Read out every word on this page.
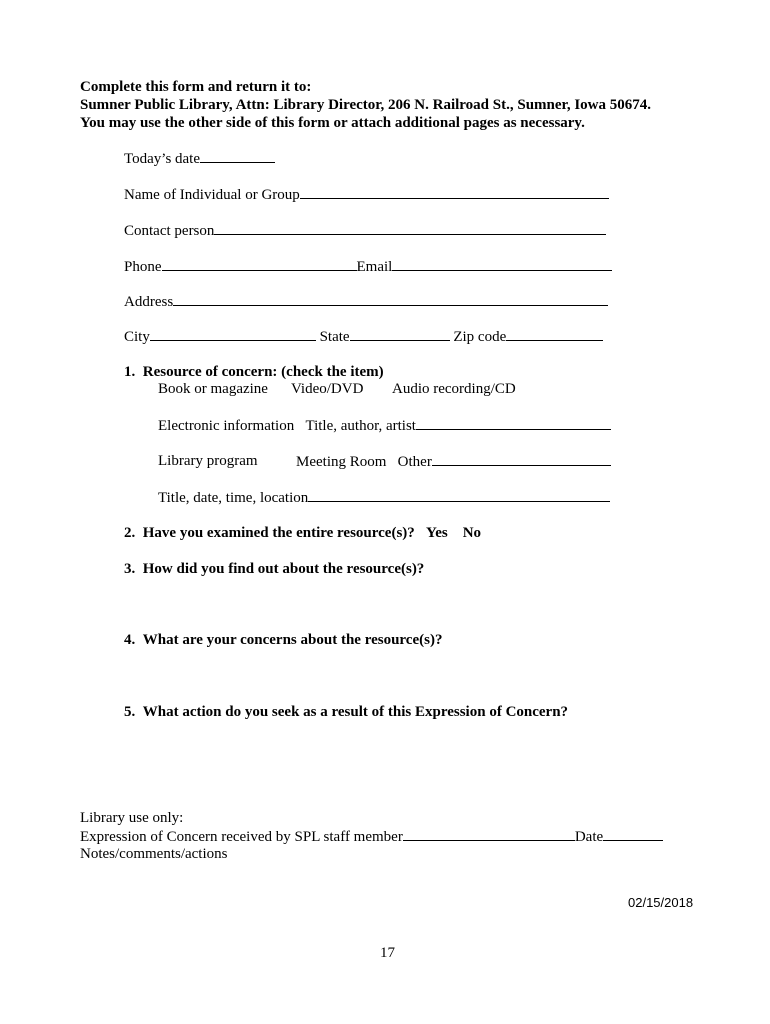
Complete this form and return it to:
Sumner Public Library, Attn: Library Director, 206 N. Railroad St., Sumner, Iowa 50674.
You may use the other side of this form or attach additional pages as necessary.
Today’s date
Name of Individual or Group
Contact person
Phone	Email
Address
City	State	Zip code
1. Resource of concern: (check the item)
Book or magazine Video/DVD Audio recording/CD
Electronic information Title, author, artist
Library program	Meeting Room Other
Title, date, time, location
2. Have you examined the entire resource(s)? Yes No
3. How did you find out about the resource(s)?
4. What are your concerns about the resource(s)?
5. What action do you seek as a result of this Expression of Concern?
Library use only:
Expression of Concern received by SPL staff member	Date
Notes/comments/actions
02/15/2018
17
